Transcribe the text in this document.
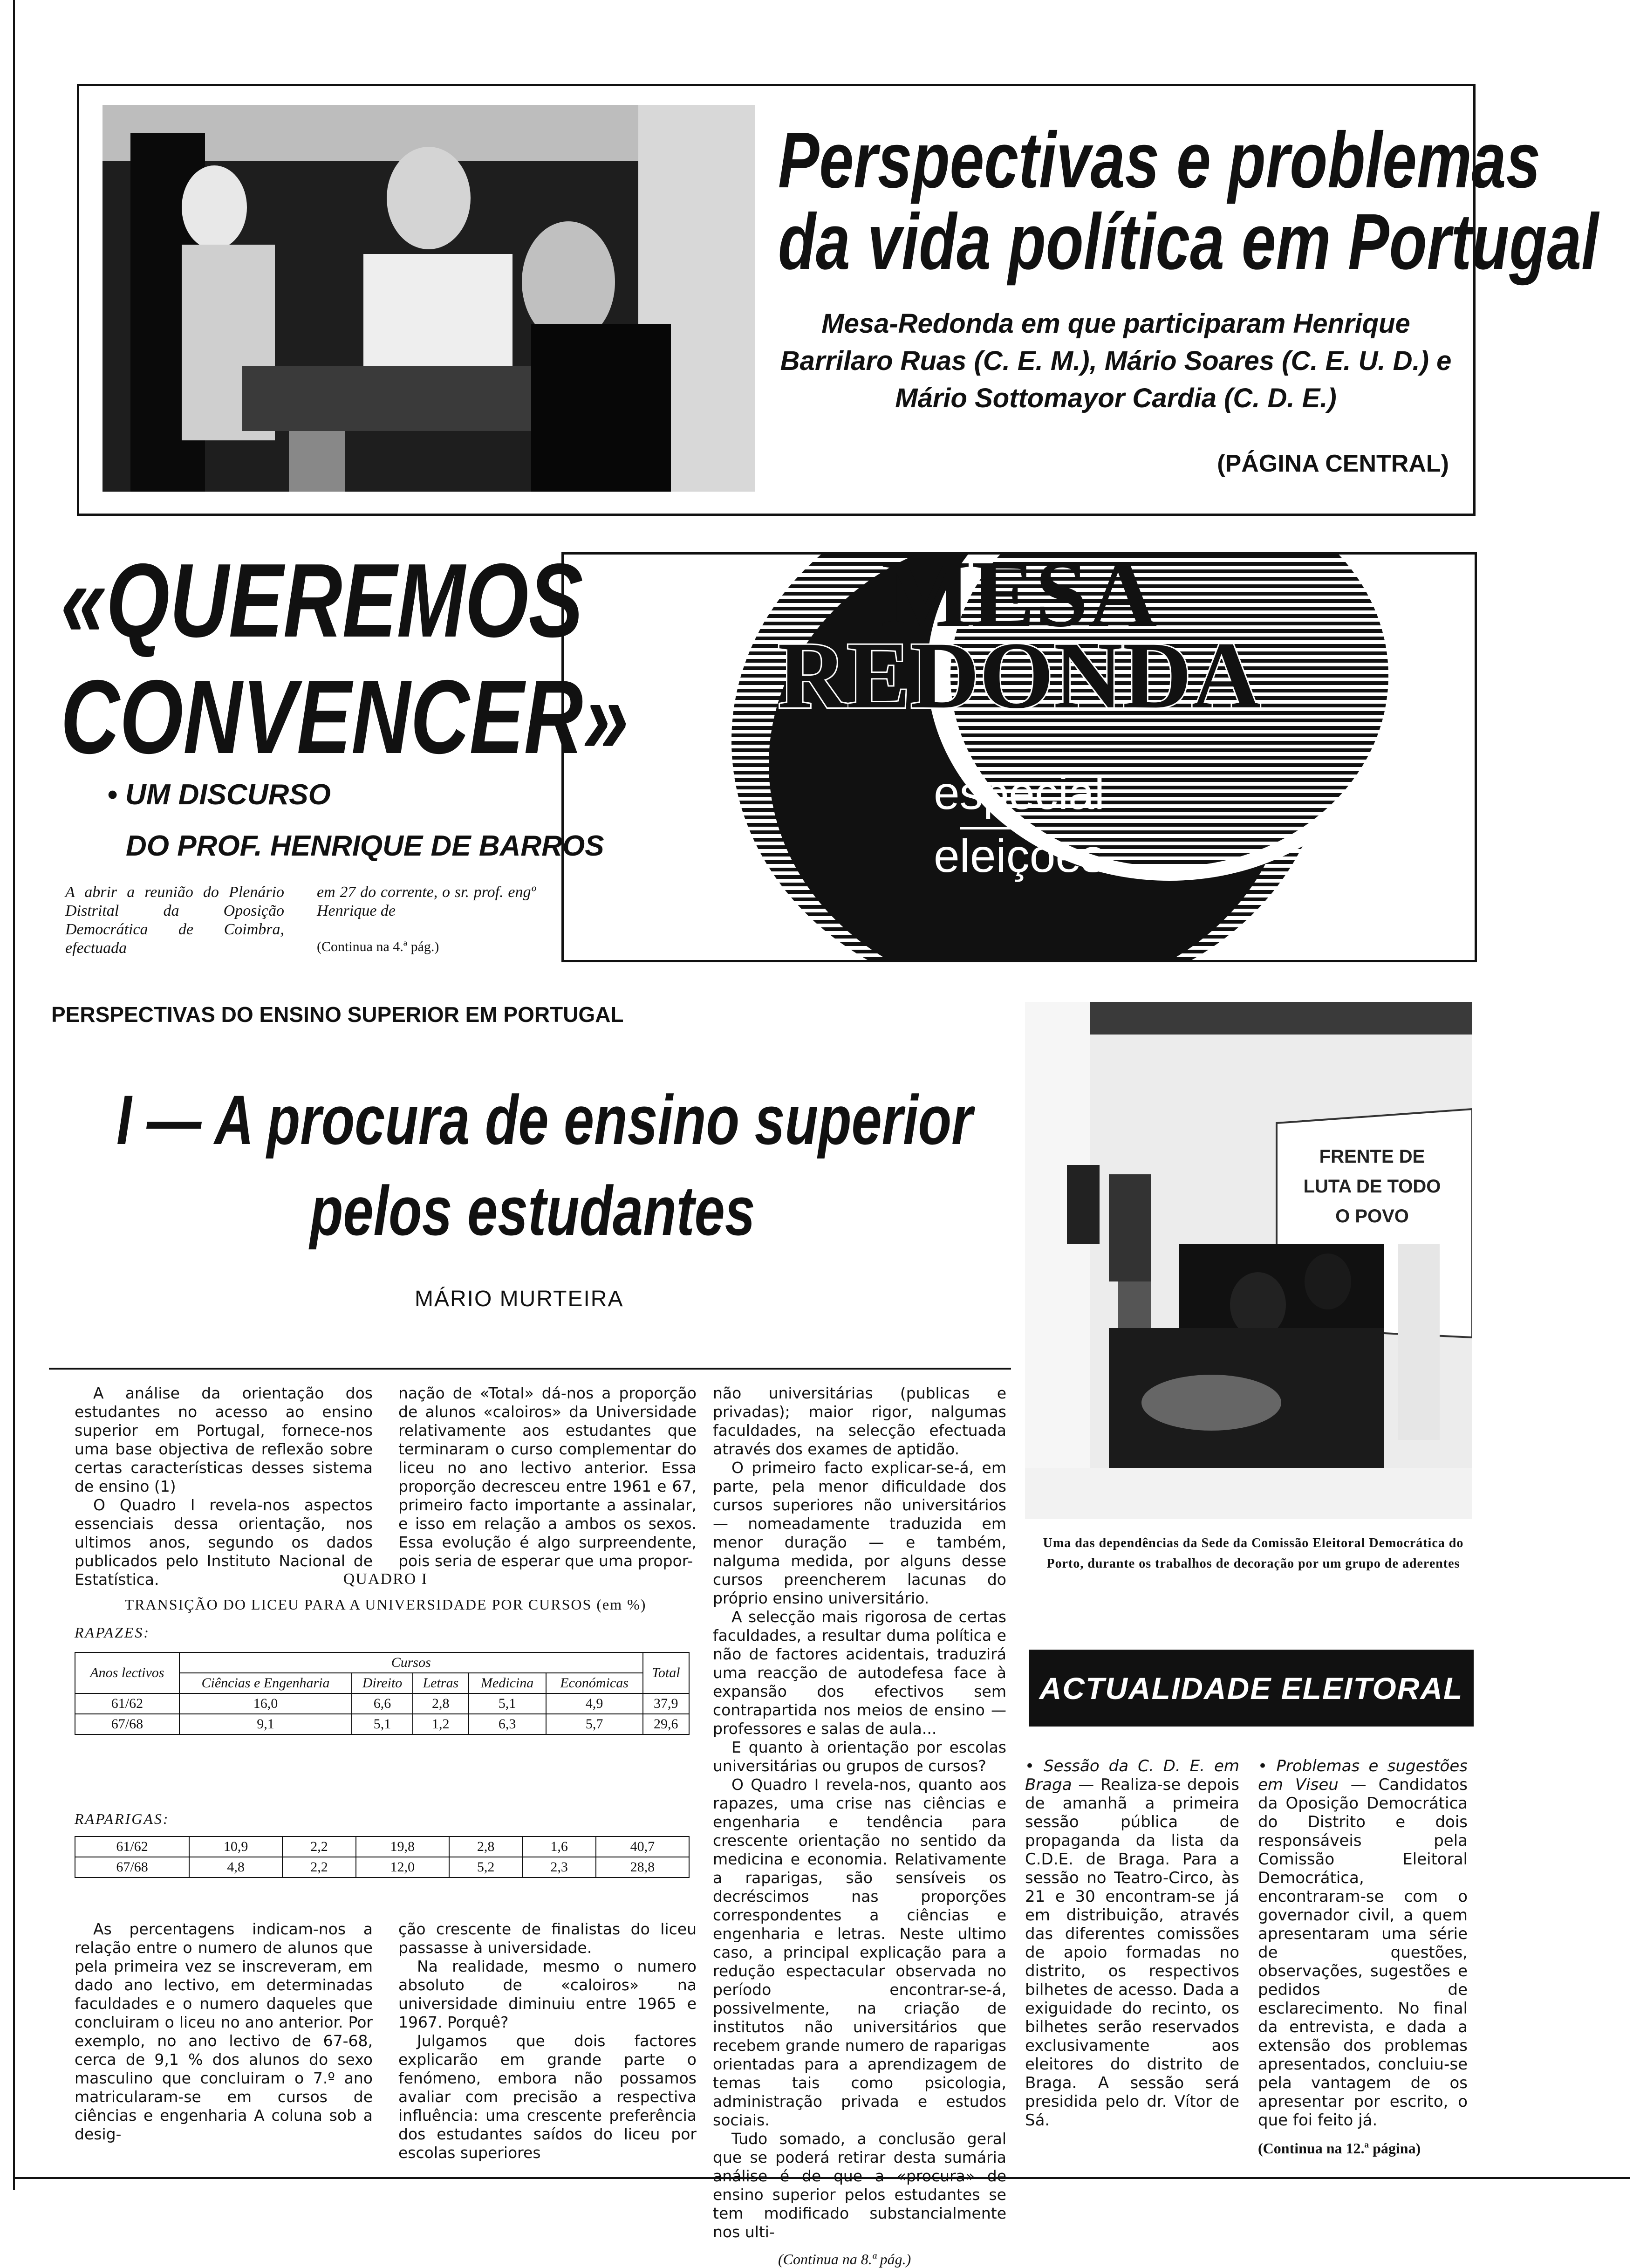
Perspectivas e problemas
da vida política em Portugal
Mesa-Redonda em que participaram Henrique Barrilaro Ruas (C. E. M.), Mário Soares (C. E. U. D.) e Mário Sottomayor Cardia (C. D. E.)
(PÁGINA CENTRAL)
«QUEREMOS
CONVENCER»
• UM DISCURSO
DO PROF. HENRIQUE DE BARROS
A abrir a reunião do Plenário Distrital da Oposição Democrática de Coimbra, efectuada
em 27 do corrente, o sr. prof. engº Henrique de
(Continua na 4.ª pág.)
MESA
REDONDA
especial
eleições
PERSPECTIVAS DO ENSINO SUPERIOR EM PORTUGAL
I — A procura de ensino superior
pelos estudantes
MÁRIO MURTEIRA

A análise da orientação dos estudantes no acesso ao ensino superior em Portugal, fornece-nos uma base objectiva de reflexão sobre certas características desses sistema de ensino (1)

O Quadro I revela-nos aspectos essenciais dessa orientação, nos ultimos anos, segundo os dados publicados pelo Instituto Nacional de Estatística.

nação de «Total» dá-nos a proporção de alunos «caloiros» da Universidade relativamente aos estudantes que terminaram o curso complementar do liceu no ano lectivo anterior. Essa proporção decresceu entre 1961 e 67, primeiro facto importante a assinalar, e isso em relação a ambos os sexos. Essa evolução é algo surpreendente, pois seria de esperar que uma propor-

QUADRO I
TRANSIÇÃO DO LICEU PARA A UNIVERSIDADE POR CURSOS (em %)
RAPAZES:
Anos lectivos	Cursos					Total
	Ciências e Engenharia	Direito	Letras	Medicina	Económicas	
61/62	16,0	6,6	2,8	5,1	4,9	37,9
67/68	9,1	5,1	1,2	6,3	5,7	29,6
RAPARIGAS:
61/62	10,9	2,2	19,8	2,8	1,6	40,7
67/68	4,8	2,2	12,0	5,2	2,3	28,8

As percentagens indicam-nos a relação entre o numero de alunos que pela primeira vez se inscreveram, em dado ano lectivo, em determinadas faculdades e o numero daqueles que concluiram o liceu no ano anterior. Por exemplo, no ano lectivo de 67-68, cerca de 9,1 % dos alunos do sexo masculino que concluiram o 7.º ano matricularam-se em cursos de ciências e engenharia A coluna sob a desig-

ção crescente de finalistas do liceu passasse à universidade.

Na realidade, mesmo o numero absoluto de «caloiros» na universidade diminuiu entre 1965 e 1967. Porquê?

Julgamos que dois factores explicarão em grande parte o fenómeno, embora não possamos avaliar com precisão a respectiva influência: uma crescente preferência dos estudantes saídos do liceu por escolas superiores

não universitárias (publicas e privadas); maior rigor, nalgumas faculdades, na selecção efectuada através dos exames de aptidão.

O primeiro facto explicar-se-á, em parte, pela menor dificuldade dos cursos superiores não universitários — nomeadamente traduzida em menor duração — e também, nalguma medida, por alguns desse cursos preencherem lacunas do próprio ensino universitário.

A selecção mais rigorosa de certas faculdades, a resultar duma política e não de factores acidentais, traduzirá uma reacção de autodefesa face à expansão dos efectivos sem contrapartida nos meios de ensino — professores e salas de aula...

E quanto à orientação por escolas universitárias ou grupos de cursos?

O Quadro I revela-nos, quanto aos rapazes, uma crise nas ciências e engenharia e tendência para crescente orientação no sentido da medicina e economia. Relativamente a raparigas, são sensíveis os decréscimos nas proporções correspondentes a ciências e engenharia e letras. Neste ultimo caso, a principal explicação para a redução espectacular observada no período encontrar-se-á, possivelmente, na criação de institutos não universitários que recebem grande numero de raparigas orientadas para a aprendizagem de temas tais como psicologia, administração privada e estudos sociais.

Tudo somado, a conclusão geral que se poderá retirar desta sumária análise é de que a «procura» de ensino superior pelos estudantes se tem modificado substancialmente nos ulti-

(Continua na 8.ª pág.)
FRENTE DE LUTA DE TODO O POVO
Uma das dependências da Sede da Comissão Eleitoral Democrática do Porto, durante os trabalhos de decoração por um grupo de aderentes
ACTUALIDADE ELEITORAL
• Sessão da C. D. E. em Braga — Realiza-se depois de amanhã a primeira sessão pública de propaganda da lista da C.D.E. de Braga. Para a sessão no Teatro-Circo, às 21 e 30 encontram-se já em distribuição, através das diferentes comissões de apoio formadas no distrito, os respectivos bilhetes de acesso. Dada a exiguidade do recinto, os bilhetes serão reservados exclusivamente aos eleitores do distrito de Braga. A sessão será presidida pelo dr. Vítor de Sá.
• Problemas e sugestões em Viseu — Candidatos da Oposição Democrática do Distrito e dois responsáveis pela Comissão Eleitoral Democrática, encontraram-se com o governador civil, a quem apresentaram uma série de questões, observações, sugestões e pedidos de esclarecimento. No final da entrevista, e dada a extensão dos problemas apresentados, concluiu-se pela vantagem de os apresentar por escrito, o que foi feito já.
(Continua na 12.ª página)
